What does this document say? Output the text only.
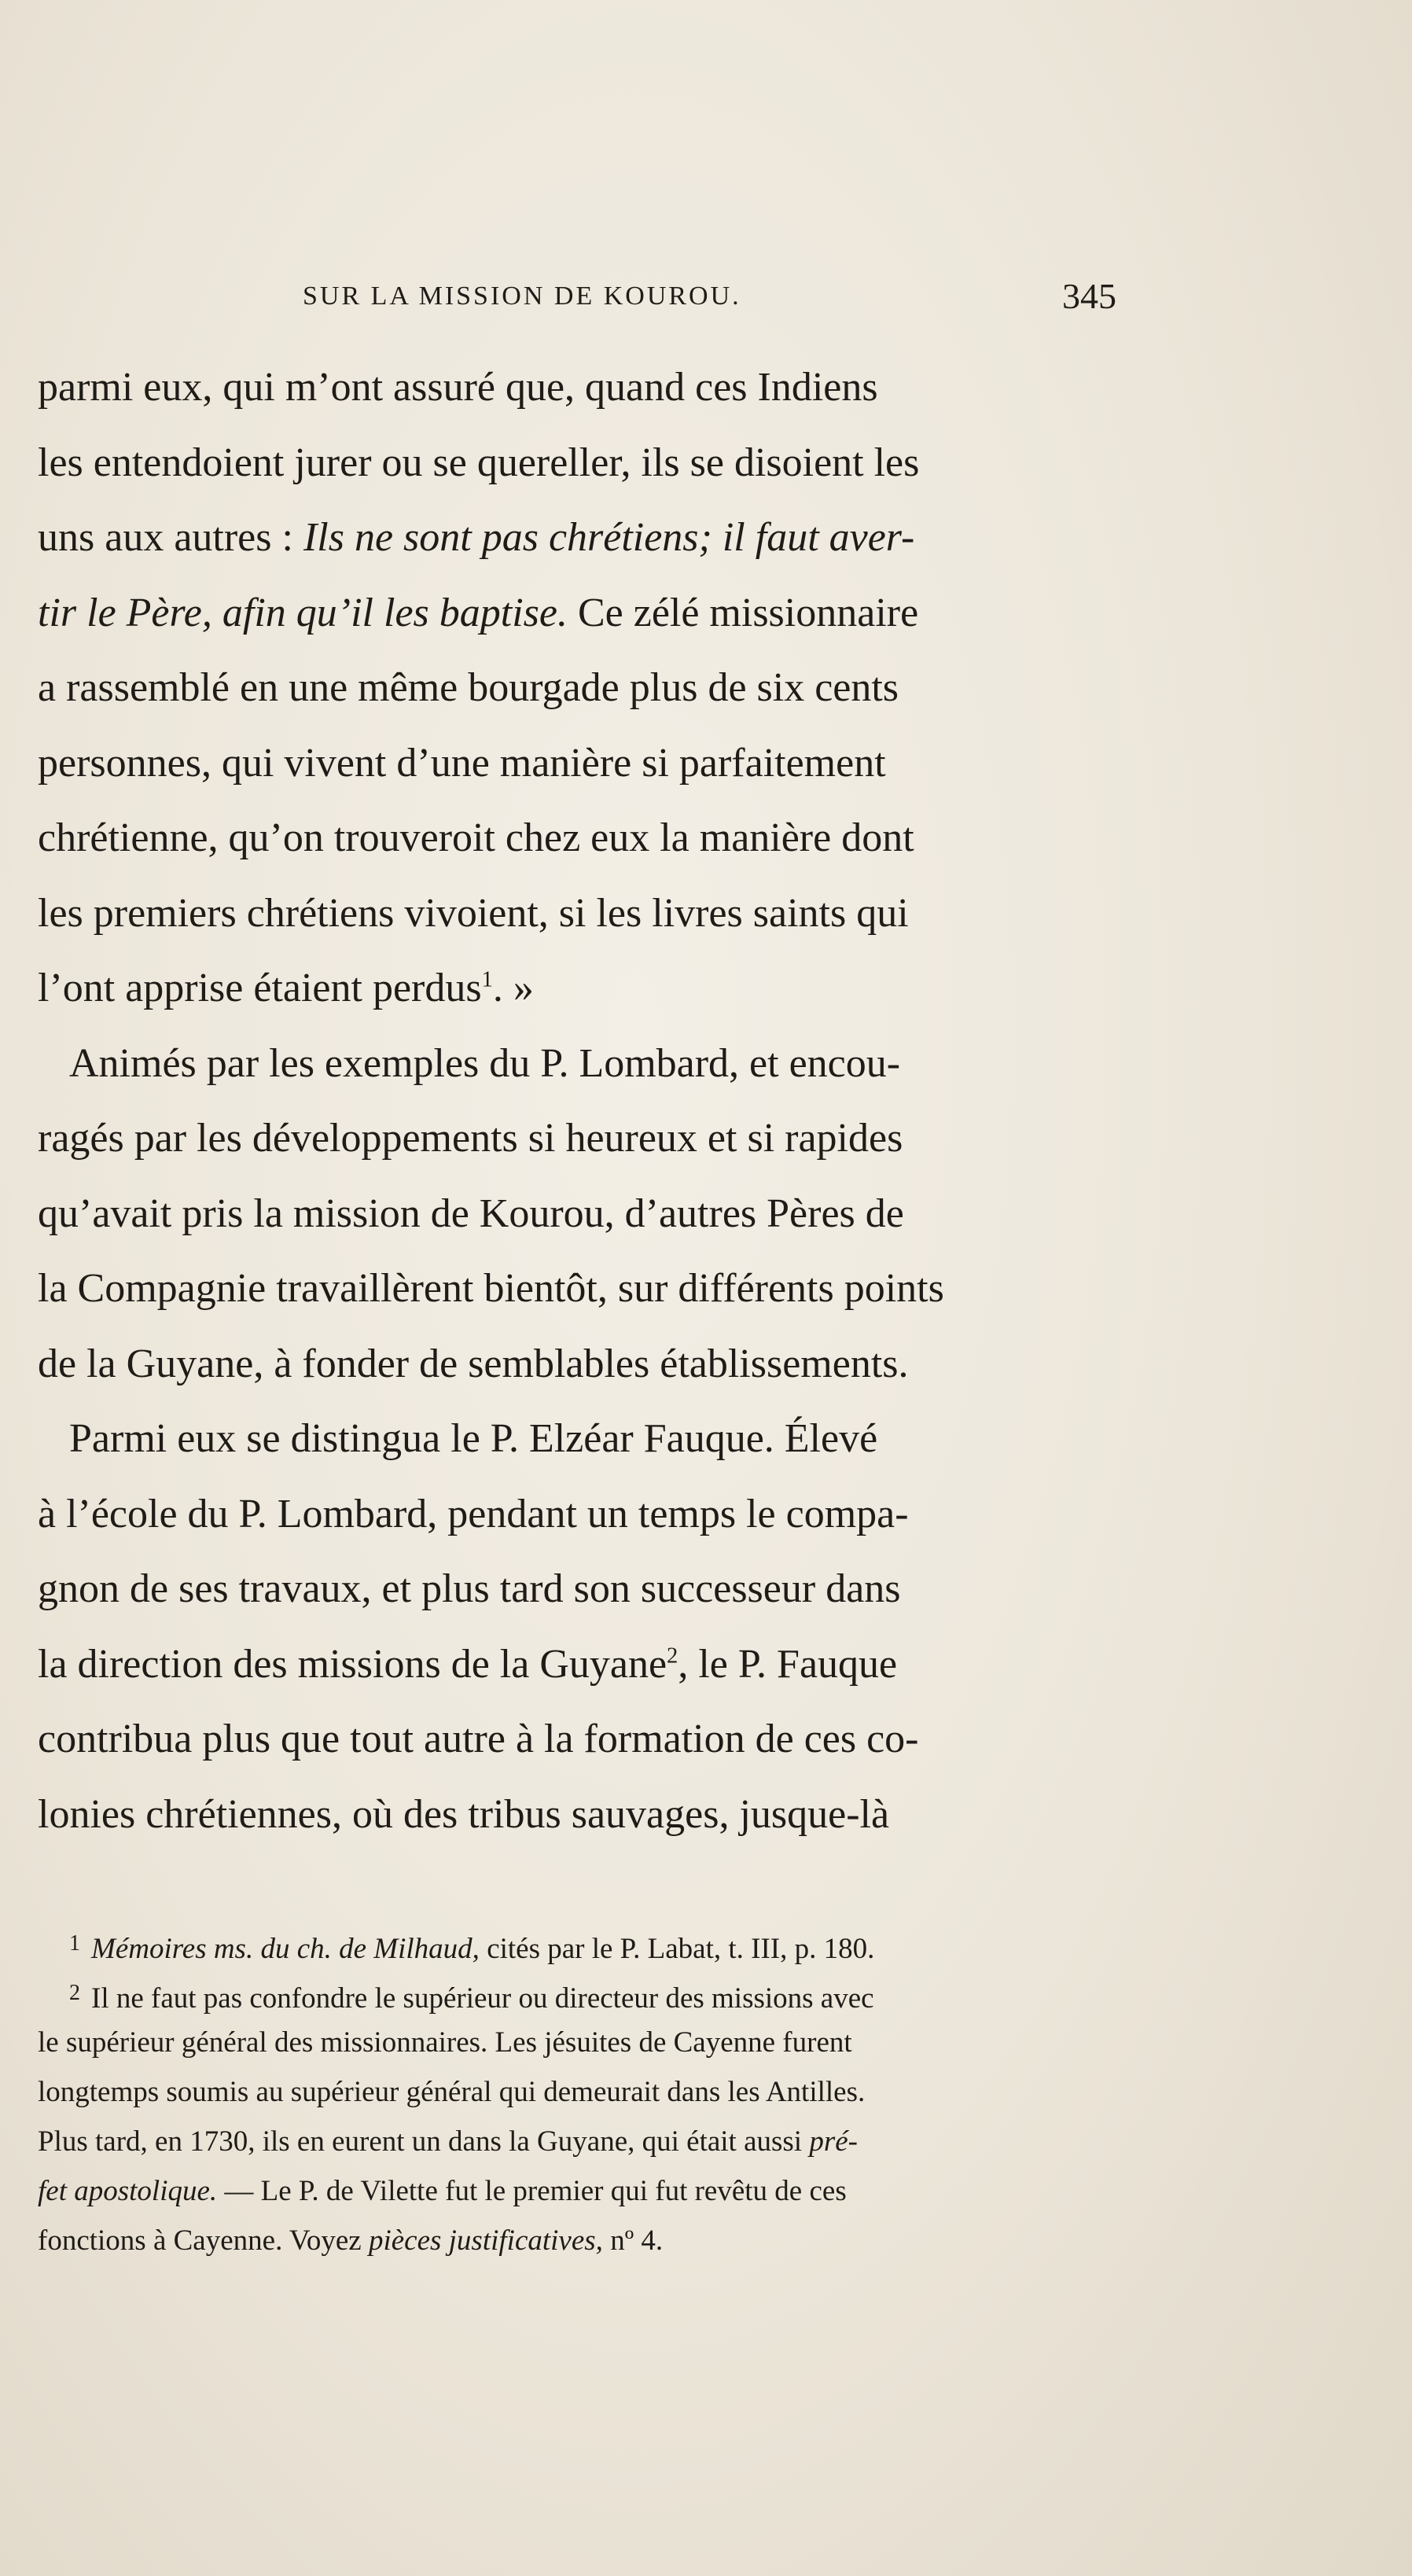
SUR LA MISSION DE KOUROU.	345
parmi eux, qui m’ont assuré que, quand ces Indiens
les entendoient jurer ou se quereller, ils se disoient les
uns aux autres : Ils ne sont pas chrétiens; il faut aver-
tir le Père, afin qu’il les baptise. Ce zélé missionnaire
a rassemblé en une même bourgade plus de six cents
personnes, qui vivent d’une manière si parfaitement
chrétienne, qu’on trouveroit chez eux la manière dont
les premiers chrétiens vivoient, si les livres saints qui
l’ont apprise étaient perdus$^1$. »
Animés par les exemples du P. Lombard, et encou-
ragés par les développements si heureux et si rapides
qu’avait pris la mission de Kourou, d’autres Pères de
la Compagnie travaillèrent bientôt, sur différents points
de la Guyane, à fonder de semblables établissements.
Parmi eux se distingua le P. Elzéar Fauque. Élevé
à l’école du P. Lombard, pendant un temps le compa-
gnon de ses travaux, et plus tard son successeur dans
la direction des missions de la Guyane$^2$, le P. Fauque
contribua plus que tout autre à la formation de ces co-
lonies chrétiennes, où des tribus sauvages, jusque-là
1 Mémoires ms. du ch. de Milhaud, cités par le P. Labat, t. III, p. 180.
2 Il ne faut pas confondre le supérieur ou directeur des missions avec
le supérieur général des missionnaires. Les jésuites de Cayenne furent
longtemps soumis au supérieur général qui demeurait dans les Antilles.
Plus tard, en 1730, ils en eurent un dans la Guyane, qui était aussi pré-
fet apostolique. — Le P. de Vilette fut le premier qui fut revêtu de ces
fonctions à Cayenne. Voyez pièces justificatives, nº 4.
